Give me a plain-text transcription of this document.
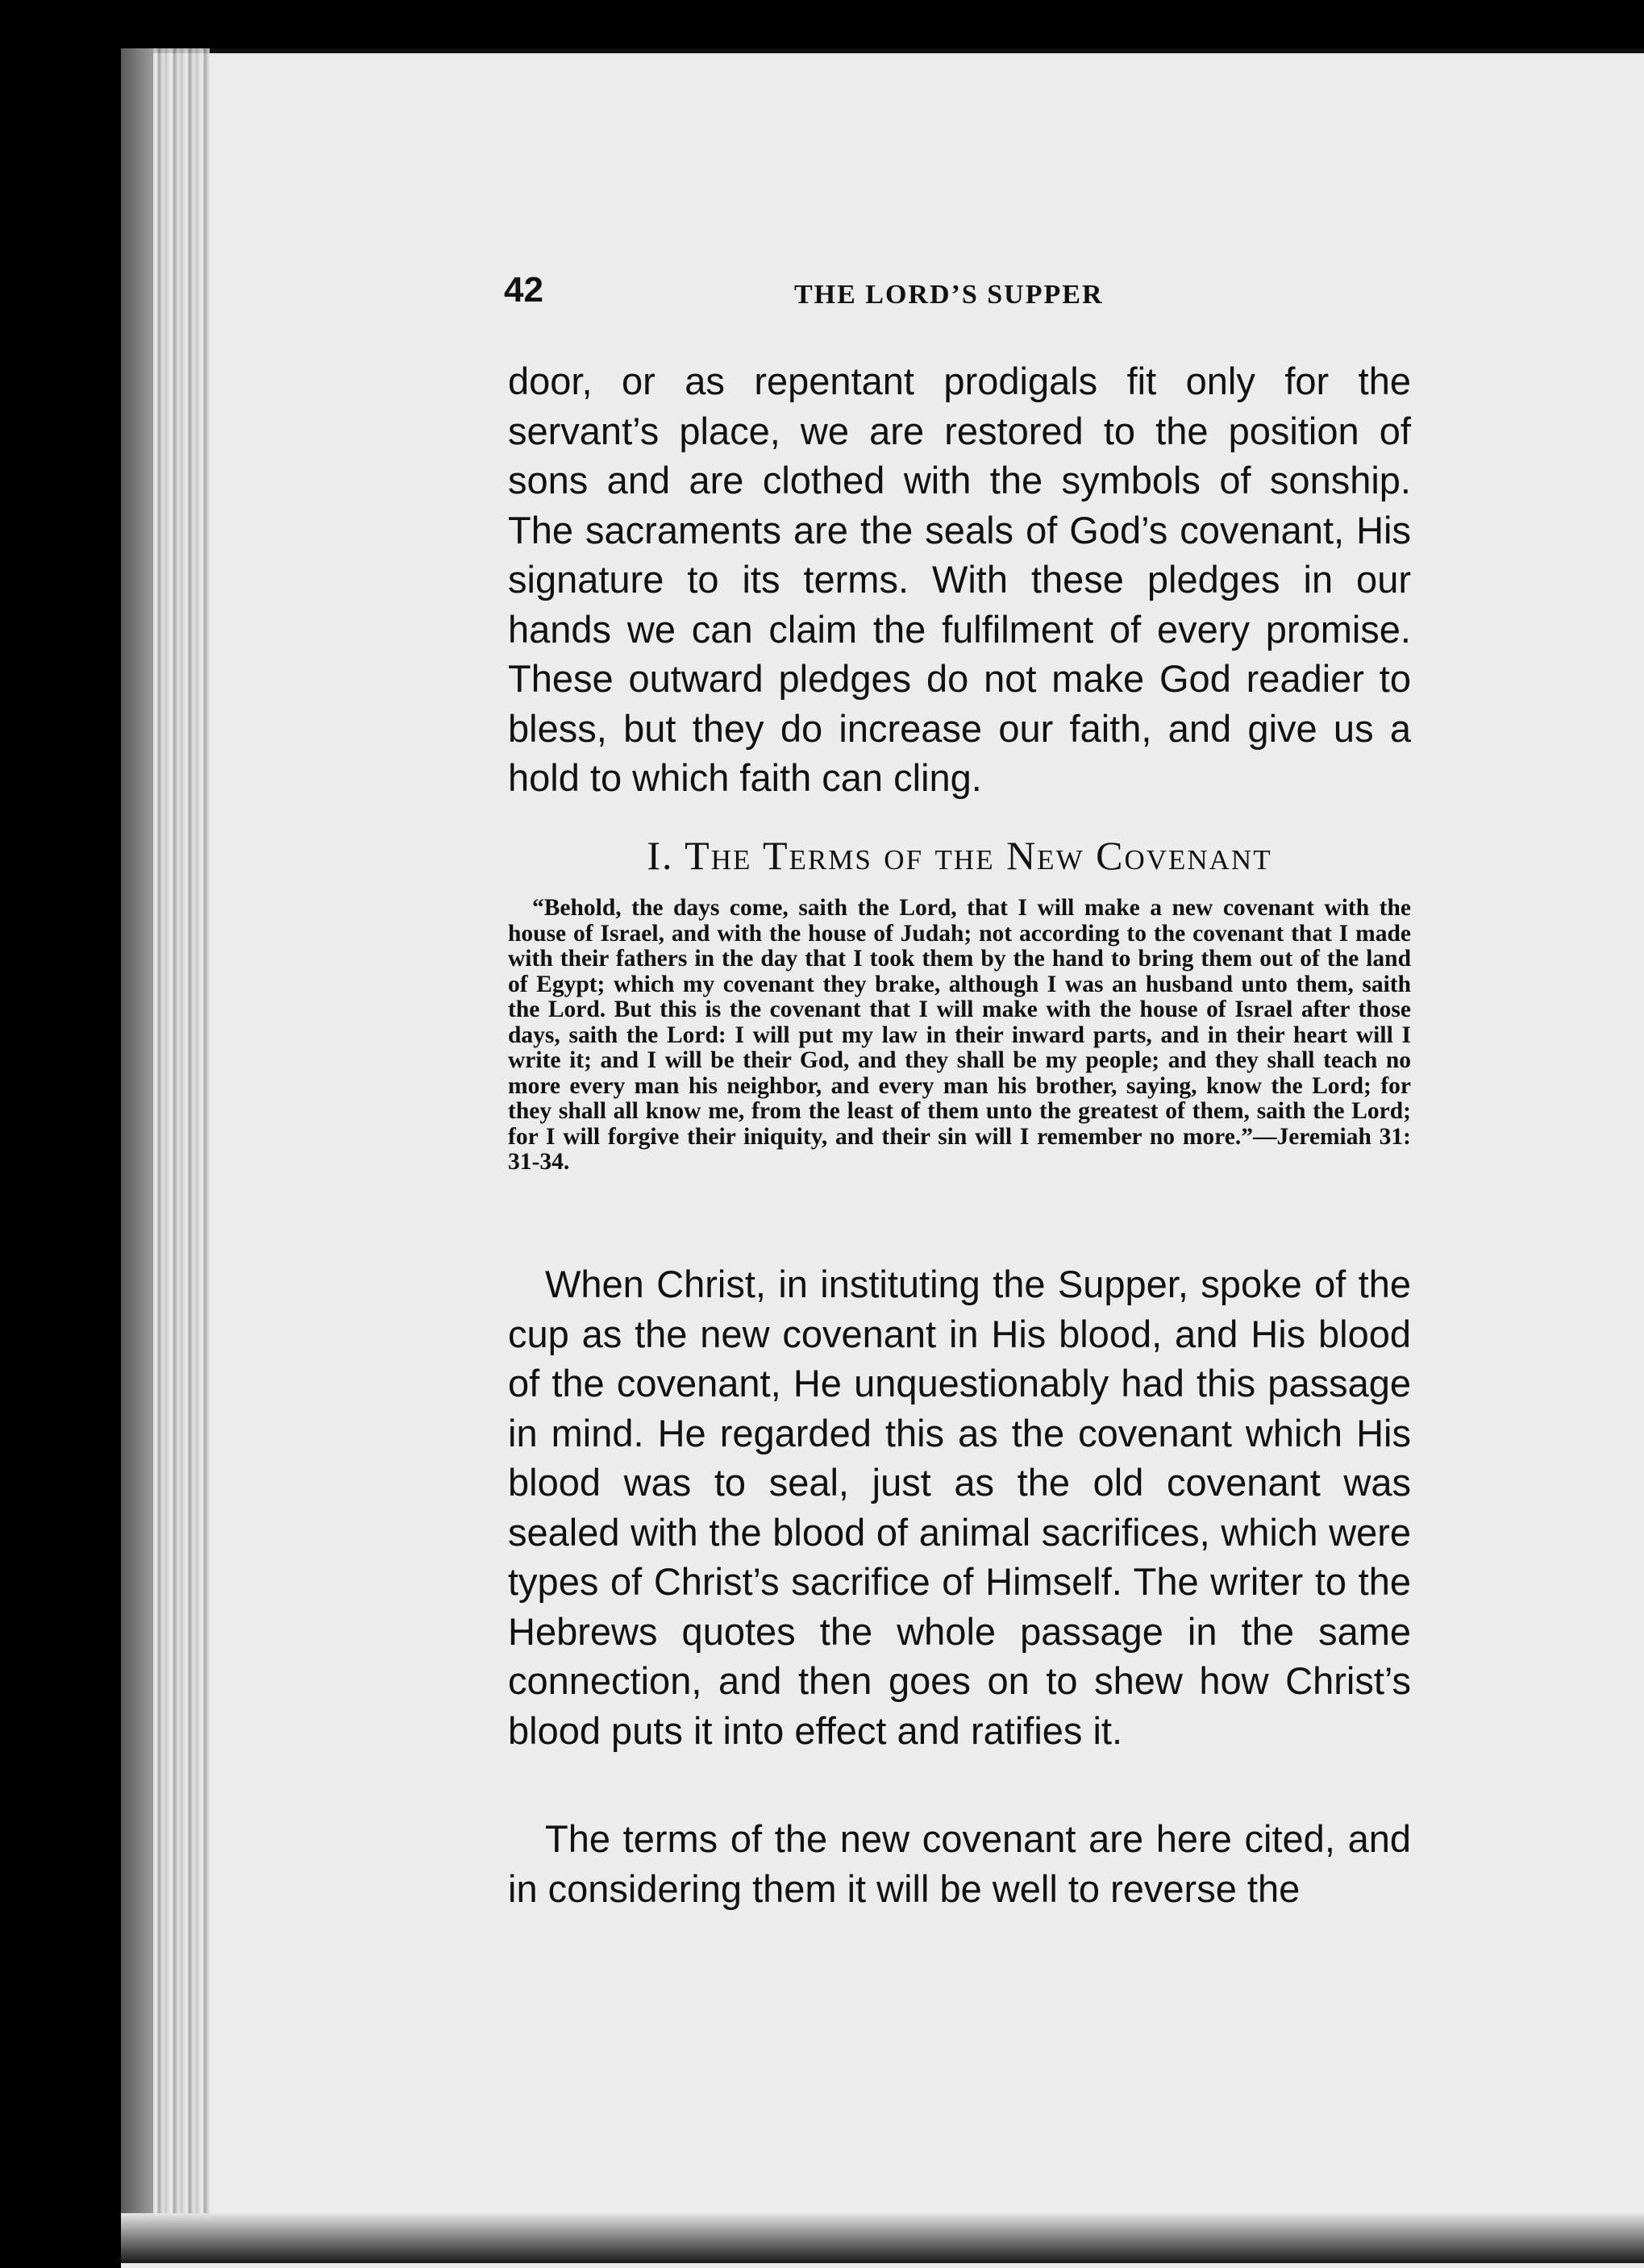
42	THE LORD’S SUPPER

door, or as repentant prodigals fit only for the servant’s place, we are restored to the position of sons and are clothed with the symbols of sonship. The sacraments are the seals of God’s covenant, His signature to its terms. With these pledges in our hands we can claim the fulfilment of every promise. These outward pledges do not make God readier to bless, but they do increase our faith, and give us a hold to which faith can cling.

I. The Terms of the New Covenant

“Behold, the days come, saith the Lord, that I will make a new covenant with the house of Israel, and with the house of Judah; not according to the covenant that I made with their fathers in the day that I took them by the hand to bring them out of the land of Egypt; which my covenant they brake, although I was an husband unto them, saith the Lord. But this is the covenant that I will make with the house of Israel after those days, saith the Lord: I will put my law in their inward parts, and in their heart will I write it; and I will be their God, and they shall be my people; and they shall teach no more every man his neighbor, and every man his brother, saying, know the Lord; for they shall all know me, from the least of them unto the greatest of them, saith the Lord; for I will forgive their iniquity, and their sin will I remember no more.”—Jeremiah 31: 31-34.

When Christ, in instituting the Supper, spoke of the cup as the new covenant in His blood, and His blood of the covenant, He unquestionably had this passage in mind. He regarded this as the covenant which His blood was to seal, just as the old covenant was sealed with the blood of animal sacrifices, which were types of Christ’s sacrifice of Himself. The writer to the Hebrews quotes the whole passage in the same connection, and then goes on to shew how Christ’s blood puts it into effect and ratifies it.

The terms of the new covenant are here cited, and in considering them it will be well to reverse the
